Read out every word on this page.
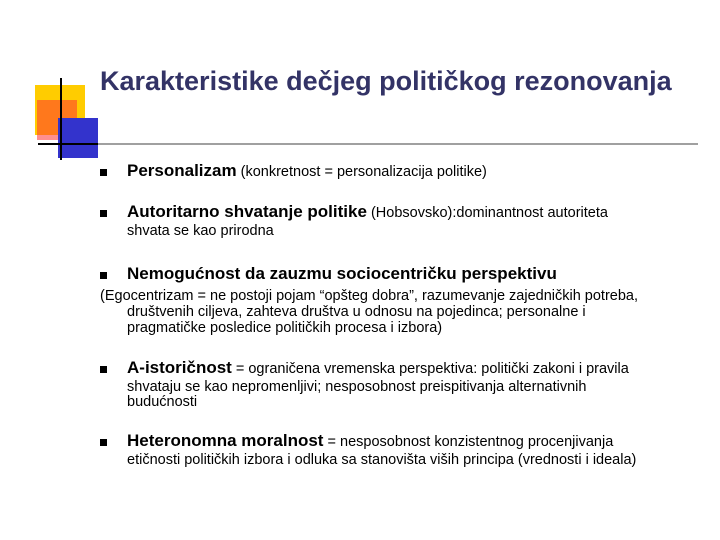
Karakteristike dečjeg političkog rezonovanja
Personalizam (konkretnost = personalizacija politike)
Autoritarno shvatanje politike (Hobsovsko):dominantnost autoriteta
shvata se kao prirodna
Nemogućnost da zauzmu sociocentričku perspektivu
(Egocentrizam = ne postoji pojam “opšteg dobra”, razumevanje zajedničkih potreba,
društvenih ciljeva, zahteva društva u odnosu na pojedinca; personalne i
pragmatičke posledice političkih procesa i izbora)
A-istoričnost = ograničena vremenska perspektiva: politički zakoni i pravila
shvataju se kao nepromenljivi; nesposobnost preispitivanja alternativnih
budućnosti
Heteronomna moralnost = nesposobnost konzistentnog procenjivanja
etičnosti političkih izbora i odluka sa stanovišta viših principa (vrednosti i ideala)
